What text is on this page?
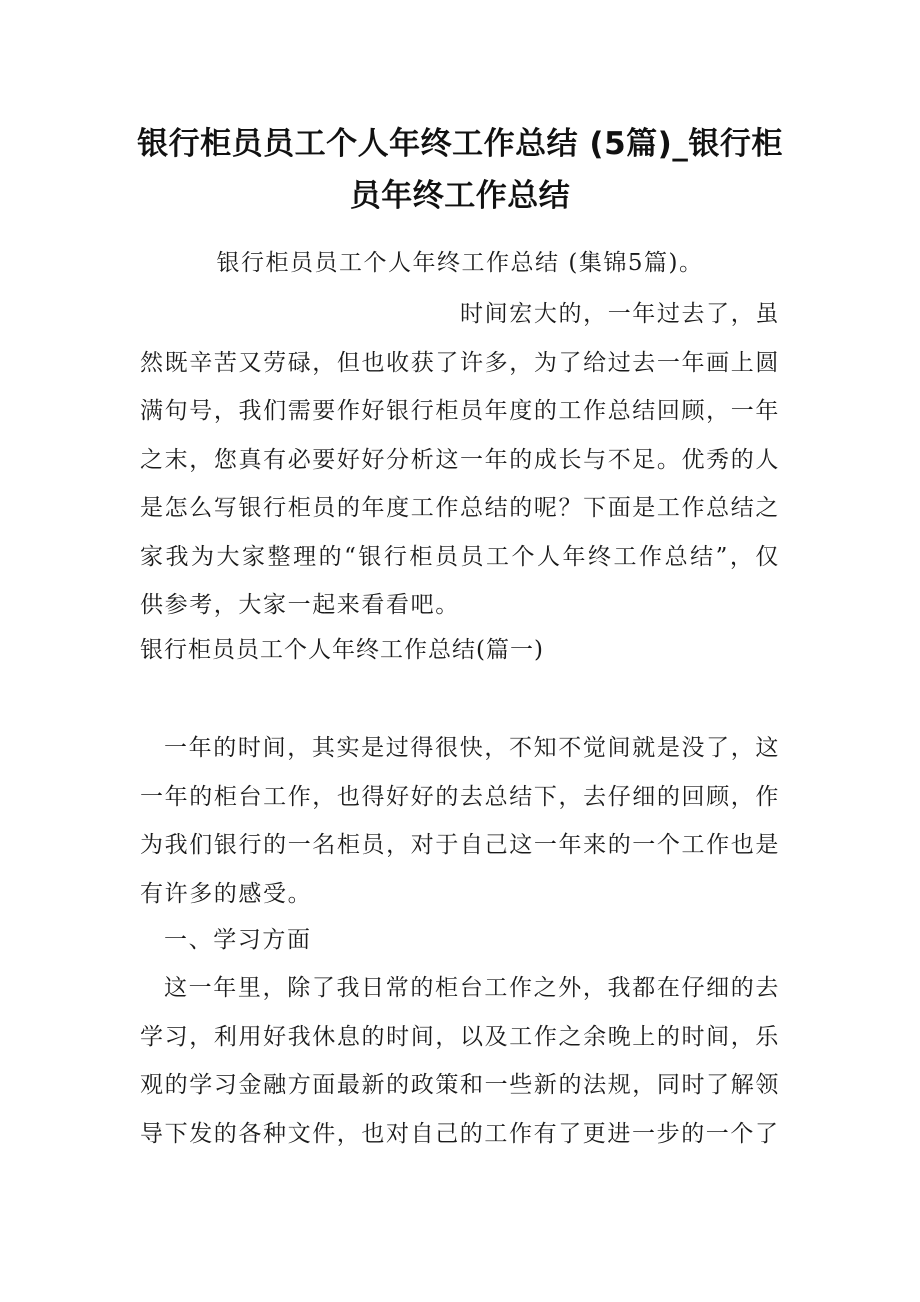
银行柜员员工个人年终工作总结 (5篇)_银行柜员年终工作总结
银行柜员员工个人年终工作总结 (集锦5篇)。

时间宏大的，一年过去了，虽然既辛苦又劳碌，但也收获了许多，为了给过去一年画上圆满句号，我们需要作好银行柜员年度的工作总结回顾，一年之末，您真有必要好好分析这一年的成长与不足。优秀的人是怎么写银行柜员的年度工作总结的呢？下面是工作总结之家我为大家整理的“银行柜员员工个人年终工作总结”，仅供参考，大家一起来看看吧。

银行柜员员工个人年终工作总结(篇一)

一年的时间，其实是过得很快，不知不觉间就是没了，这一年的柜台工作，也得好好的去总结下，去仔细的回顾，作为我们银行的一名柜员，对于自己这一年来的一个工作也是有许多的感受。

一、学习方面

这一年里，除了我日常的柜台工作之外，我都在仔细的去学习，利用好我休息的时间，以及工作之余晚上的时间，乐观的学习金融方面最新的政策和一些新的法规，同时了解领导下发的各种文件，也对自己的工作有了更进一步的一个了
